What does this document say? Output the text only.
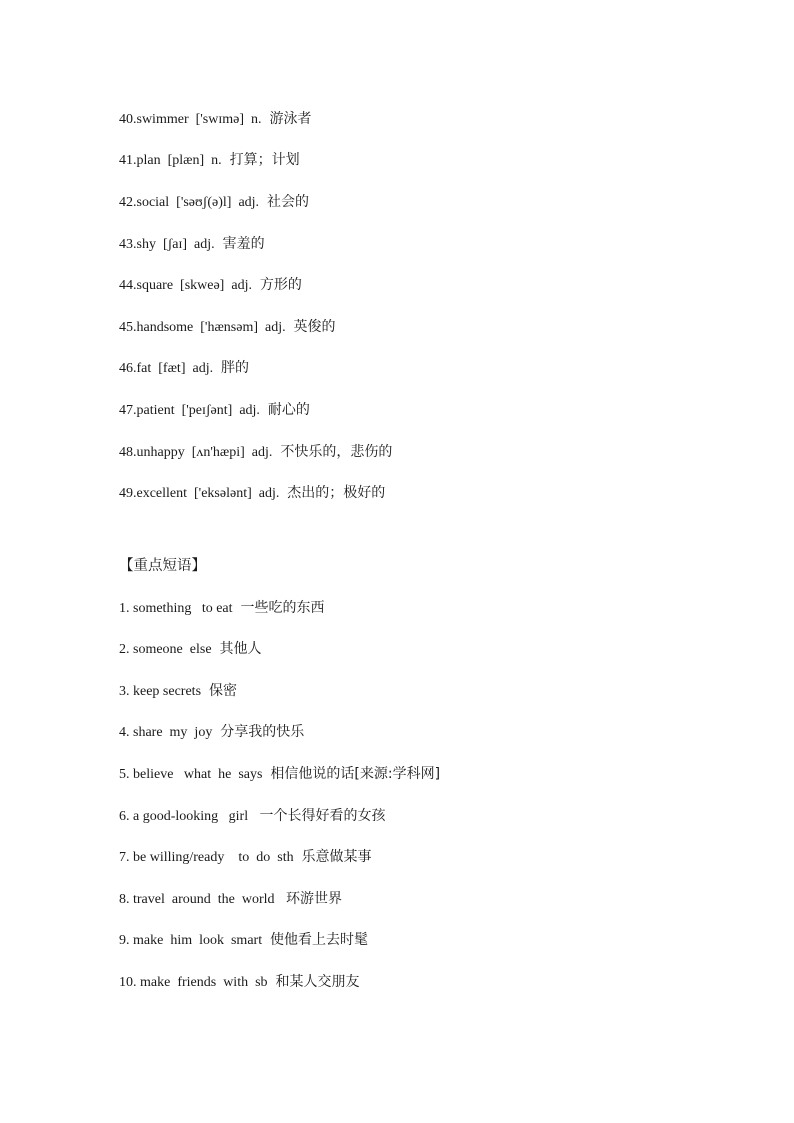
40.swimmer  ['swɪmə]  n.  游泳者
41.plan  [plæn]  n.  打算；计划
42.social  ['səʊʃ(ə)l]  adj.  社会的
43.shy  [ʃaɪ]  adj.  害羞的
44.square  [skweə]  adj.  方形的
45.handsome  ['hænsəm]  adj.  英俊的
46.fat  [fæt]  adj.  胖的
47.patient  ['peɪʃənt]  adj.  耐心的
48.unhappy  [ʌn'hæpi]  adj.  不快乐的，悲伤的
49.excellent  ['eksələnt]  adj.  杰出的；极好的
【重点短语】
1. something   to eat  一些吃的东西
2. someone  else  其他人
3. keep secrets  保密
4. share  my  joy  分享我的快乐
5. believe   what  he  says  相信他说的话[来源:学科网]
6. a good-looking   girl   一个长得好看的女孩
7. be willing/ready    to  do  sth  乐意做某事
8. travel  around  the  world   环游世界
9. make  him  look  smart  使他看上去时髦
10. make  friends  with  sb  和某人交朋友
